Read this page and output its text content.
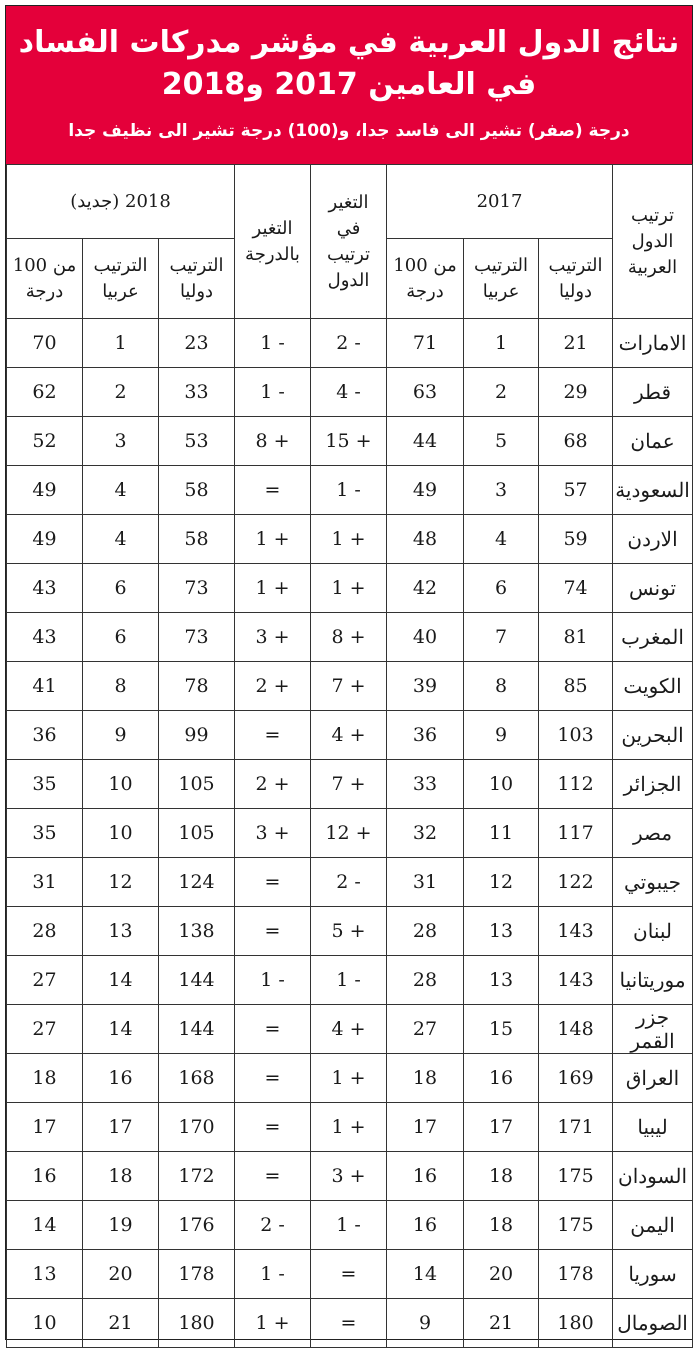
نتائج الدول العربية في مؤشر مدركات الفساد
في العامين 2017 و2018
درجة (صفر) تشير الى فاسد جدا، و(100) درجة تشير الى نظيف جدا
ترتيب الدول العربية	2017			التغير في ترتيب الدول	التغير بالدرجة	2018 (جديد)		

	الترتيب دوليا	الترتيب عربيا	من 100 درجة			الترتيب دوليا	الترتيب عربيا	من 100 درجة

الامارات	21	1	71	2 -	1 -	23	1	70
قطر	29	2	63	4 -	1 -	33	2	62
عمان	68	5	44	15 +	8 +	53	3	52
السعودية	57	3	49	1 -	=	58	4	49
الاردن	59	4	48	1 +	1 +	58	4	49
تونس	74	6	42	1 +	1 +	73	6	43
المغرب	81	7	40	8 +	3 +	73	6	43
الكويت	85	8	39	7 +	2 +	78	8	41
البحرين	103	9	36	4 +	=	99	9	36
الجزائر	112	10	33	7 +	2 +	105	10	35
مصر	117	11	32	12 +	3 +	105	10	35
جيبوتي	122	12	31	2 -	=	124	12	31
لبنان	143	13	28	5 +	=	138	13	28
موريتانيا	143	13	28	1 -	1 -	144	14	27
جزر القمر	148	15	27	4 +	=	144	14	27
العراق	169	16	18	1 +	=	168	16	18
ليبيا	171	17	17	1 +	=	170	17	17
السودان	175	18	16	3 +	=	172	18	16
اليمن	175	18	16	1 -	2 -	176	19	14
سوريا	178	20	14	=	1 -	178	20	13
الصومال	180	21	9	=	1 +	180	21	10
